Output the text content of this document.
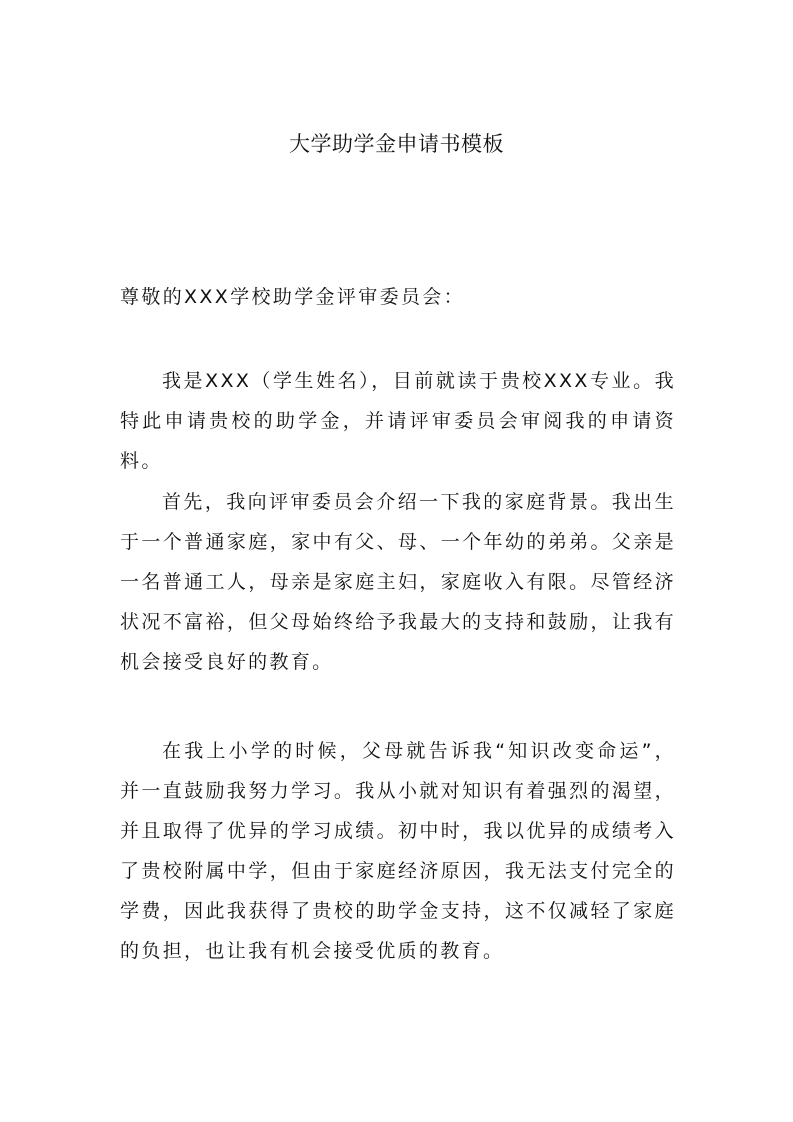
大学助学金申请书模板

尊敬的XXX学校助学金评审委员会：

我是XXX（学生姓名），目前就读于贵校XXX专业。我特此申请贵校的助学金，并请评审委员会审阅我的申请资料。

首先，我向评审委员会介绍一下我的家庭背景。我出生于一个普通家庭，家中有父、母、一个年幼的弟弟。父亲是一名普通工人，母亲是家庭主妇，家庭收入有限。尽管经济状况不富裕，但父母始终给予我最大的支持和鼓励，让我有机会接受良好的教育。

在我上小学的时候，父母就告诉我“知识改变命运”，并一直鼓励我努力学习。我从小就对知识有着强烈的渴望，并且取得了优异的学习成绩。初中时，我以优异的成绩考入了贵校附属中学，但由于家庭经济原因，我无法支付完全的学费，因此我获得了贵校的助学金支持，这不仅减轻了家庭的负担，也让我有机会接受优质的教育。
